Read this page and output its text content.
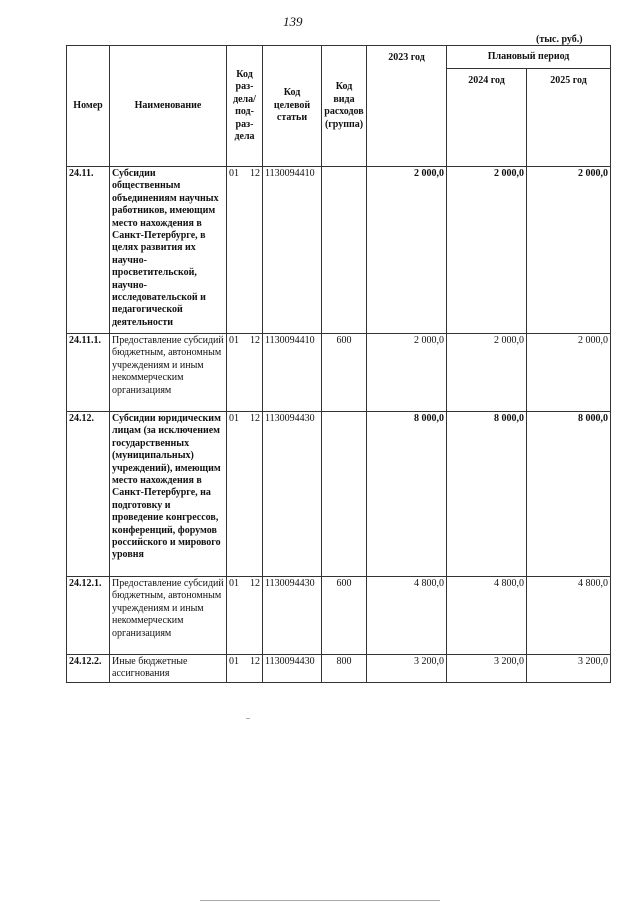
139
(тыс. руб.)
Номер	Наименование	Код раз-дела/ под-раз-дела		Код целевой статьи	Код вида расходов (группа)	2023 год	Плановый период	
							2024 год	2025 год
24.11.	Субсидии общественным объединениям научных работников, имеющим место нахождения в Санкт-Петербурге, в целях развития их научно-просветительской, научно-исследовательской и педагогической деятельности	01	12	1130094410		2 000,0	2 000,0	2 000,0
24.11.1.	Предоставление субсидий бюджетным, автономным учреждениям и иным некоммерческим организациям	01	12	1130094410	600	2 000,0	2 000,0	2 000,0
24.12.	Субсидии юридическим лицам (за исключением государственных (муниципальных) учреждений), имеющим место нахождения в Санкт-Петербурге, на подготовку и проведение конгрессов, конференций, форумов российского и мирового уровня	01	12	1130094430		8 000,0	8 000,0	8 000,0
24.12.1.	Предоставление субсидий бюджетным, автономным учреждениям и иным некоммерческим организациям	01	12	1130094430	600	4 800,0	4 800,0	4 800,0
24.12.2.	Иные бюджетные ассигнования	01	12	1130094430	800	3 200,0	3 200,0	3 200,0
